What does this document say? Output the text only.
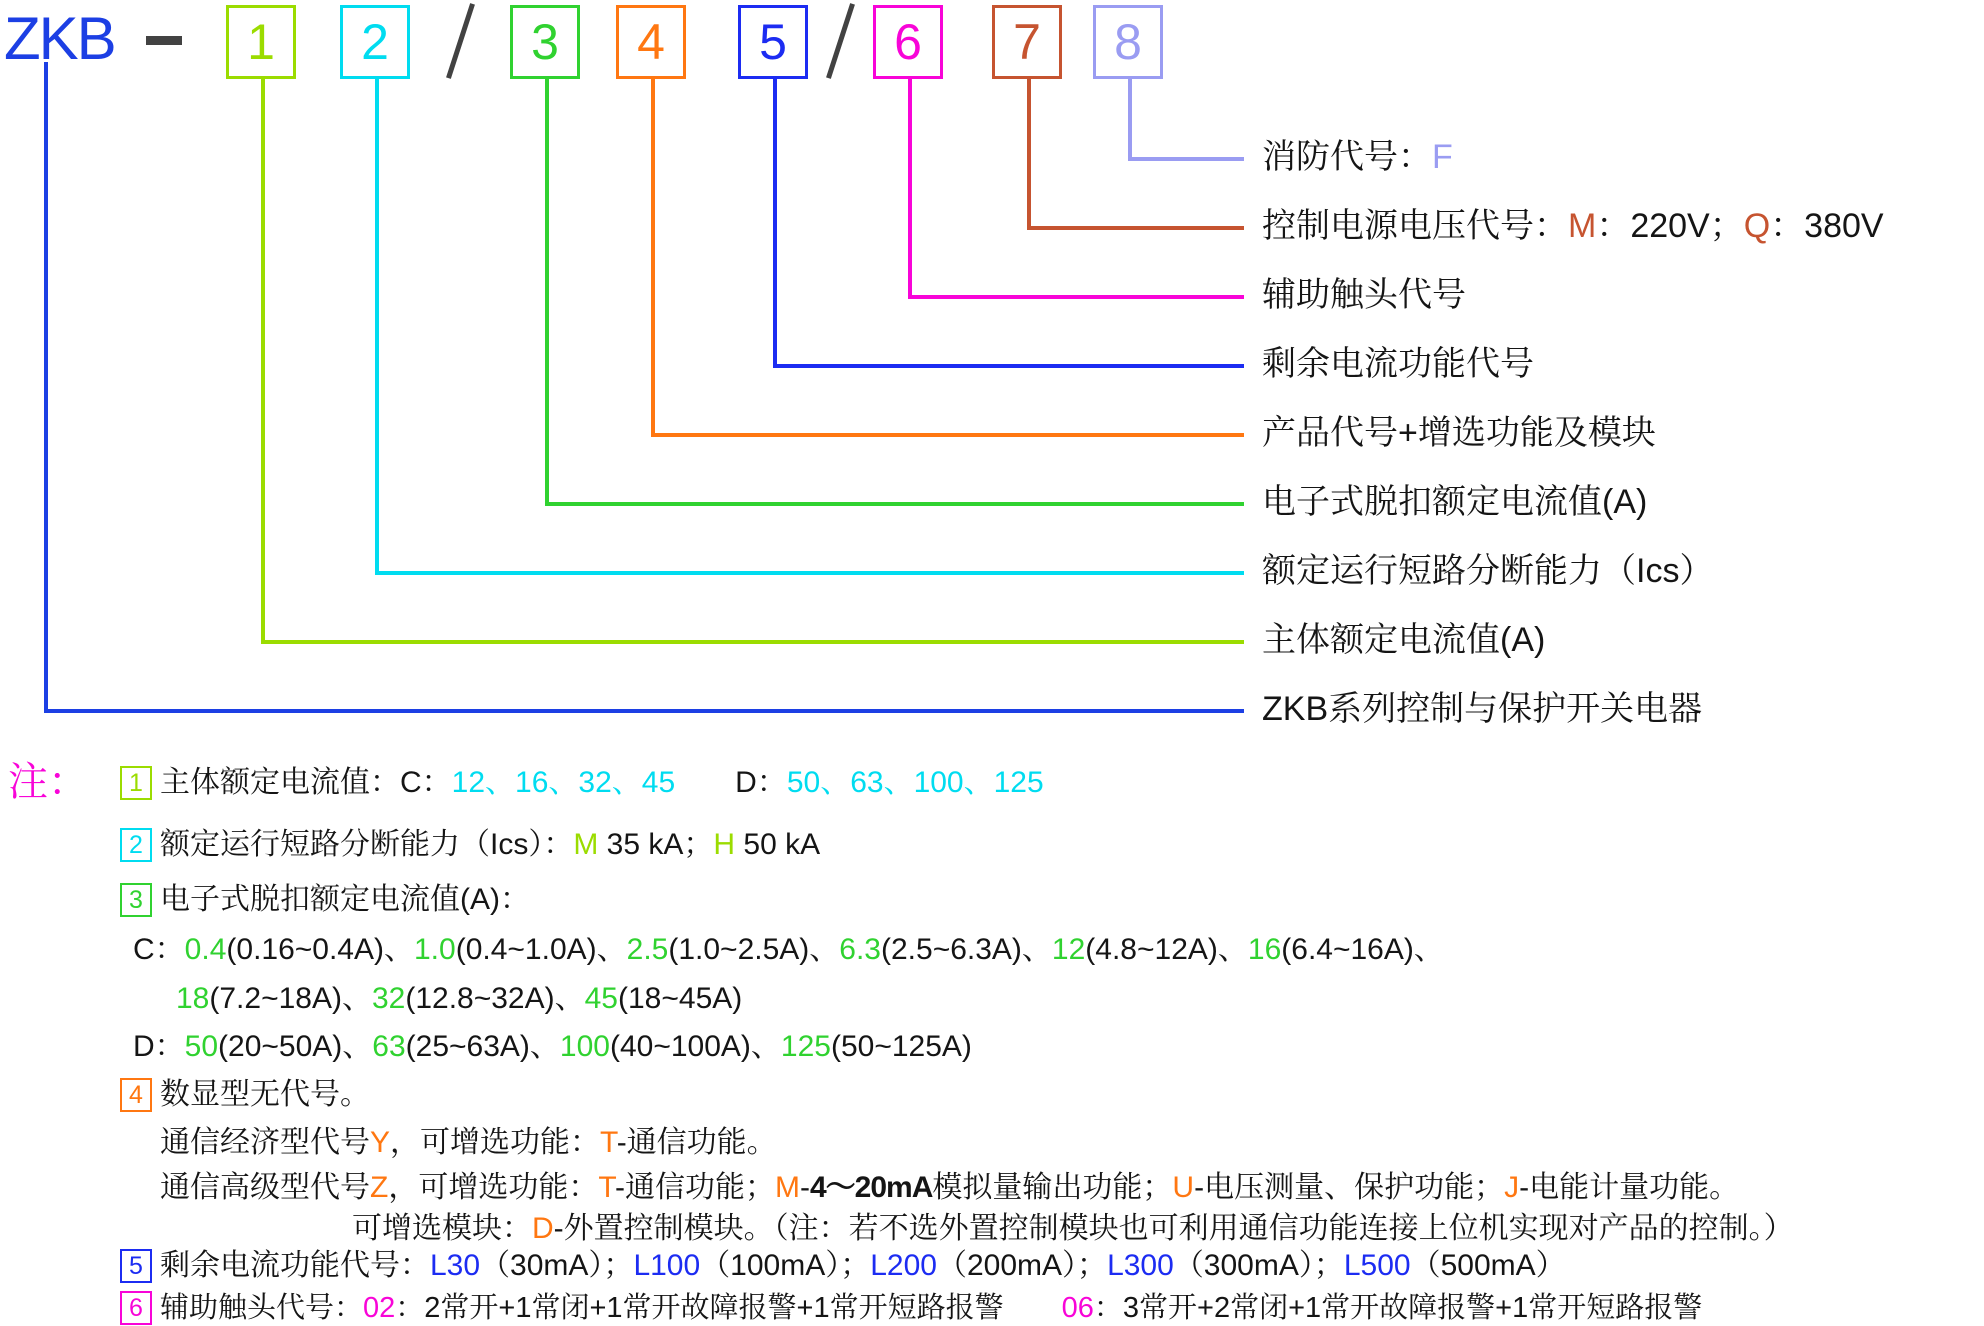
ZKB	1 2	3 4 5 6 7 8
消防代号：F
控制电源电压代号：M：220V；Q：380V
辅助触头代号
剩余电流功能代号
产品代号+增选功能及模块
电子式脱扣额定电流值(A)
额定运行短路分断能力（Ics）
主体额定电流值(A)
ZKB系列控制与保护开关电器
注： 1 主体额定电流值：C：12、16、32、45　　 D：50、63、100、125
2 额定运行短路分断能力（Ics）：M 35 kA；H 50 kA
3 电子式脱扣额定电流值(A)：
C：0.4(0.16~0.4A)、1.0(0.4~1.0A)、2.5(1.0~2.5A)、6.3(2.5~6.3A)、12(4.8~12A)、16(6.4~16A)、
18(7.2~18A)、32(12.8~32A)、45(18~45A)
D：50(20~50A)、63(25~63A)、100(40~100A)、125(50~125A)
4 数显型无代号。
通信经济型代号Y，可增选功能：T-通信功能。
通信高级型代号Z，可增选功能：T-通信功能；M-4～20mA模拟量输出功能；U-电压测量、保护功能；J-电能计量功能。
可增选模块：D-外置控制模块。（注：若不选外置控制模块也可利用通信功能连接上位机实现对产品的控制。）
5 剩余电流功能代号：L30（30mA）；L100（100mA）；L200（200mA）；L300（300mA）；L500（500mA）
6 辅助触头代号：02：2常开+1常闭+1常开故障报警+1常开短路报警　　 06：3常开+2常闭+1常开故障报警+1常开短路报警
